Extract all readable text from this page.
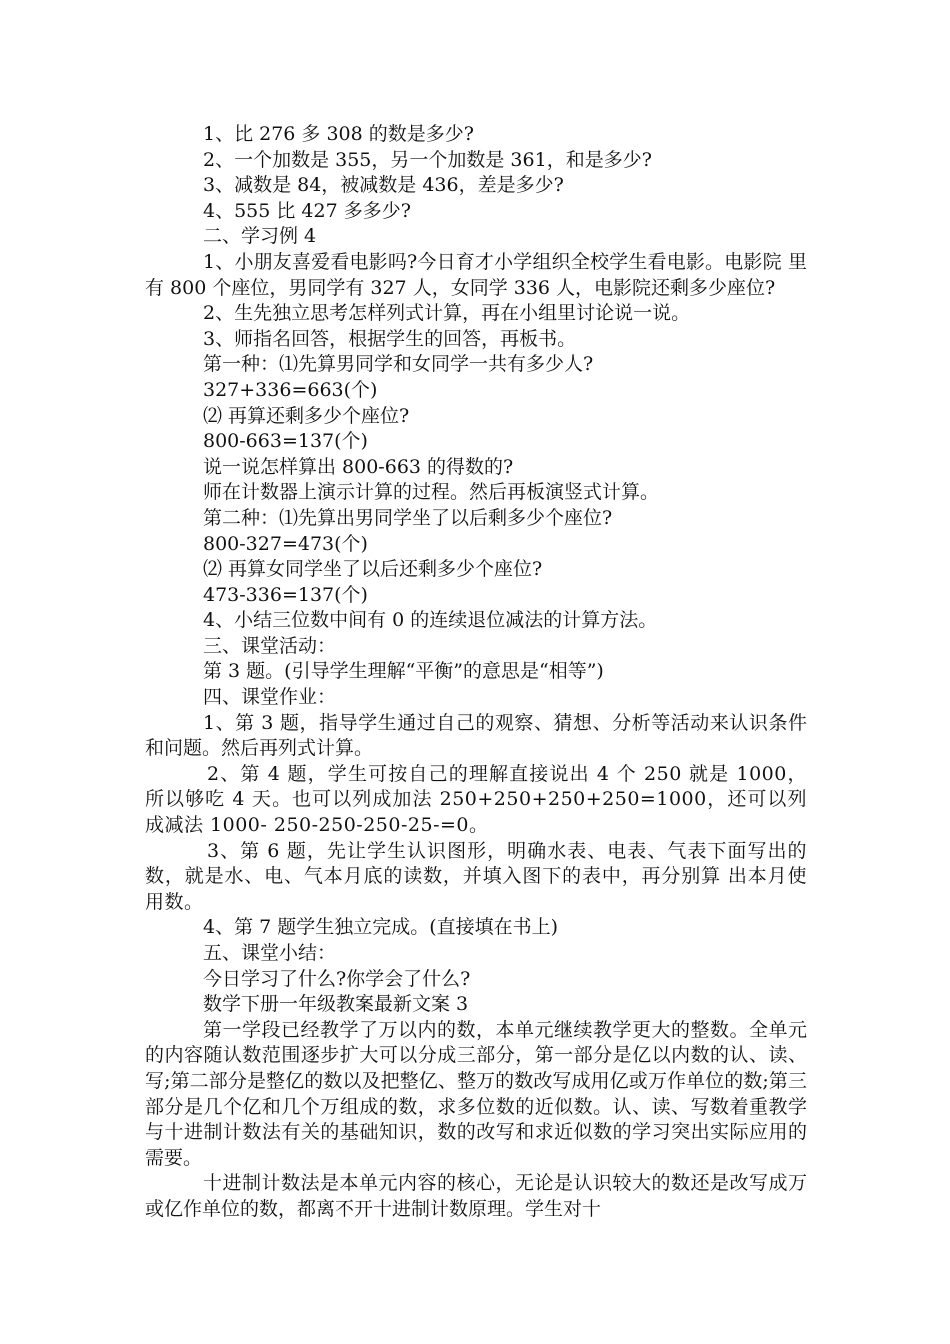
1、比 276 多 308 的数是多少?

2、一个加数是 355，另一个加数是 361，和是多少?

3、减数是 84，被减数是 436，差是多少?

4、555 比 427 多多少?

二、学习例 4

1、小朋友喜爱看电影吗?今日育才小学组织全校学生看电影。电影院 里有 800 个座位，男同学有 327 人，女同学 336 人，电影院还剩多少座位?

2、生先独立思考怎样列式计算，再在小组里讨论说一说。

3、师指名回答，根据学生的回答，再板书。

第一种：⑴先算男同学和女同学一共有多少人?

327+336=663(个)

⑵ 再算还剩多少个座位?

800-663=137(个)

说一说怎样算出 800-663 的得数的?

师在计数器上演示计算的过程。然后再板演竖式计算。

第二种：⑴先算出男同学坐了以后剩多少个座位?

800-327=473(个)

⑵ 再算女同学坐了以后还剩多少个座位?

473-336=137(个)

4、小结三位数中间有 0 的连续退位减法的计算方法。

三、课堂活动：

第 3 题。(引导学生理解“平衡”的意思是“相等”)

四、课堂作业：

1、第 3 题，指导学生通过自己的观察、猜想、分析等活动来认识条件 和问题。然后再列式计算。

2、第 4 题，学生可按自己的理解直接说出 4 个 250 就是 1000，所以够吃 4 天。也可以列成加法 250+250+250+250=1000，还可以列成减法 1000- 250-250-250-25-=0。

3、第 6 题，先让学生认识图形，明确水表、电表、气表下面写出的 数，就是水、电、气本月底的读数，并填入图下的表中，再分别算 出本月使用数。

4、第 7 题学生独立完成。(直接填在书上)

五、课堂小结：

今日学习了什么?你学会了什么?

数学下册一年级教案最新文案 3

第一学段已经教学了万以内的数，本单元继续教学更大的整数。全单元的内容随认数范围逐步扩大可以分成三部分，第一部分是亿以内数的认、读、写;第二部分是整亿的数以及把整亿、整万的数改写成用亿或万作单位的数;第三部分是几个亿和几个万组成的数，求多位数的近似数。认、读、写数着重教学与十进制计数法有关的基础知识，数的改写和求近似数的学习突出实际应用的需要。

十进制计数法是本单元内容的核心，无论是认识较大的数还是改写成万或亿作单位的数，都离不开十进制计数原理。学生对十
